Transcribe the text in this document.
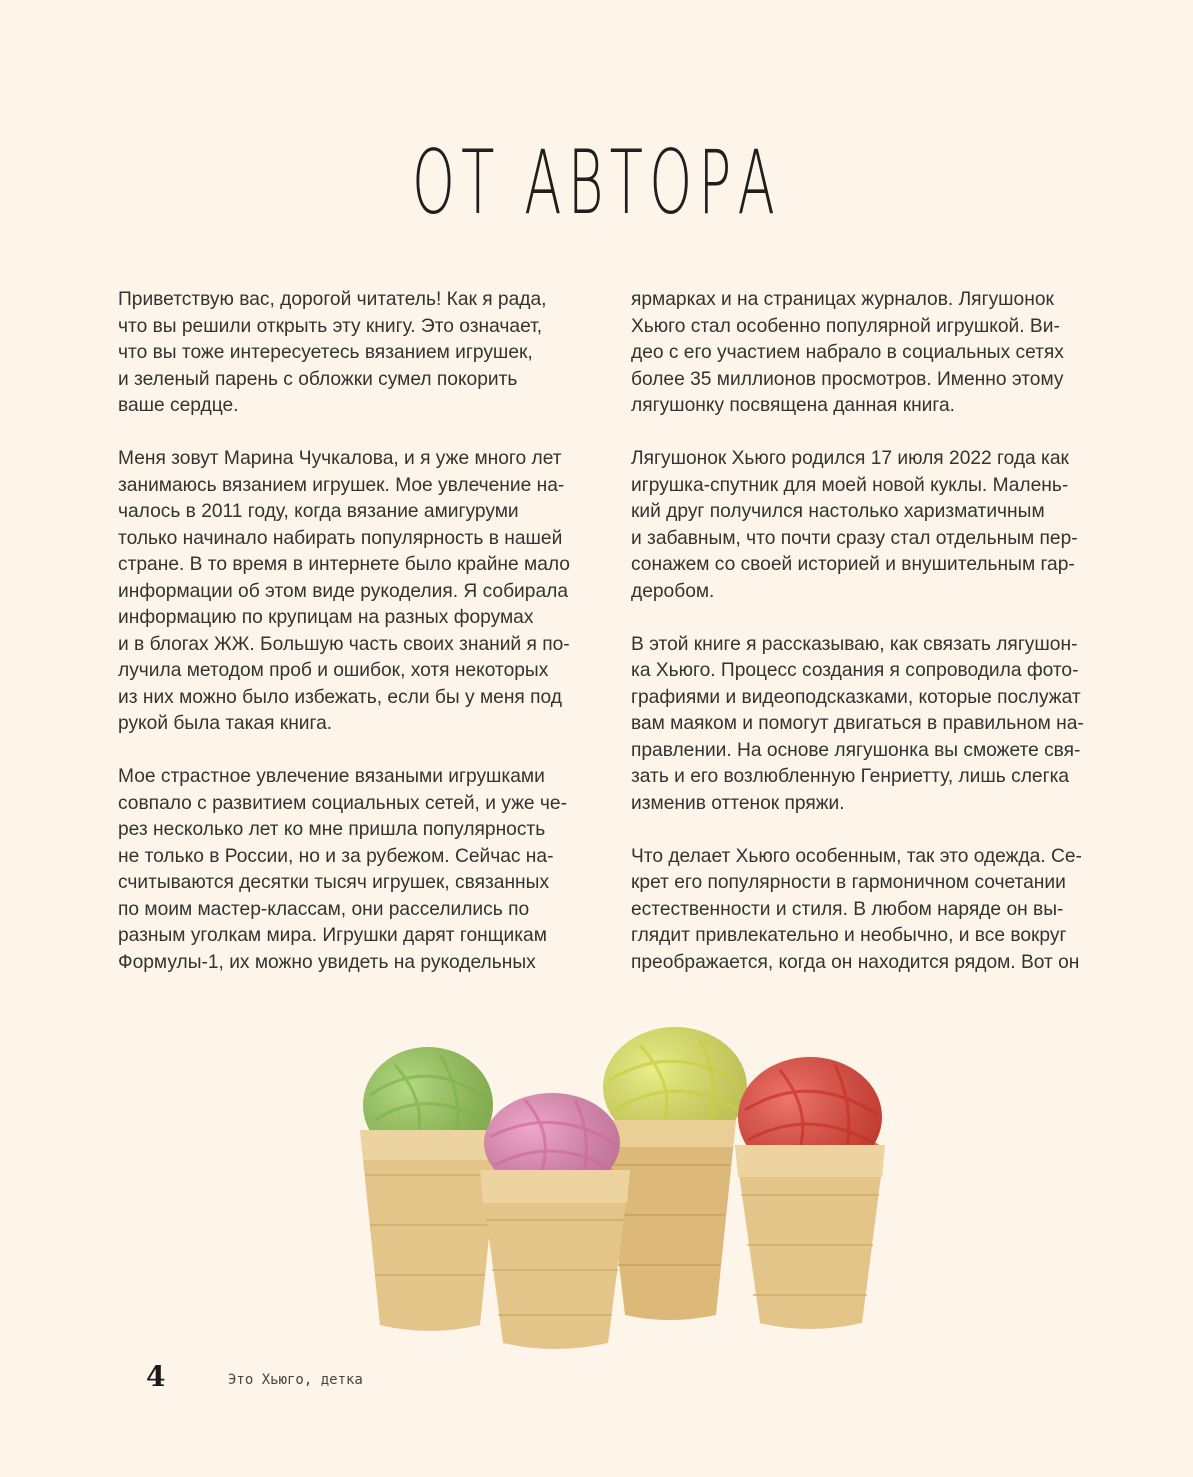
ОТ АВТОРА

Приветствую вас, дорогой читатель! Как я рада,
что вы решили открыть эту книгу. Это означает,
что вы тоже интересуетесь вязанием игрушек,
и зеленый парень с обложки сумел покорить
ваше сердце.

Меня зовут Марина Чучкалова, и я уже много лет
занимаюсь вязанием игрушек. Мое увлечение на-
чалось в 2011 году, когда вязание амигуруми
только начинало набирать популярность в нашей
стране. В то время в интернете было крайне мало
информации об этом виде рукоделия. Я собирала
информацию по крупицам на разных форумах
и в блогах ЖЖ. Большую часть своих знаний я по-
лучила методом проб и ошибок, хотя некоторых
из них можно было избежать, если бы у меня под
рукой была такая книга.

Мое страстное увлечение вязаными игрушками
совпало с развитием социальных сетей, и уже че-
рез несколько лет ко мне пришла популярность
не только в России, но и за рубежом. Сейчас на-
считываются десятки тысяч игрушек, связанных
по моим мастер-классам, они расселились по
разным уголкам мира. Игрушки дарят гонщикам
Формулы-1, их можно увидеть на рукодельных

ярмарках и на страницах журналов. Лягушонок
Хьюго стал особенно популярной игрушкой. Ви-
део с его участием набрало в социальных сетях
более 35 миллионов просмотров. Именно этому
лягушонку посвящена данная книга.

Лягушонок Хьюго родился 17 июля 2022 года как
игрушка-спутник для моей новой куклы. Малень-
кий друг получился настолько харизматичным
и забавным, что почти сразу стал отдельным пер-
сонажем со своей историей и внушительным гар-
деробом.

В этой книге я рассказываю, как связать лягушон-
ка Хьюго. Процесс создания я сопроводила фото-
графиями и видеоподсказками, которые послужат
вам маяком и помогут двигаться в правильном на-
правлении. На основе лягушонка вы сможете свя-
зать и его возлюбленную Генриетту, лишь слегка
изменив оттенок пряжи.

Что делает Хьюго особенным, так это одежда. Се-
крет его популярности в гармоничном сочетании
естественности и стиля. В любом наряде он вы-
глядит привлекательно и необычно, и все вокруг
преображается, когда он находится рядом. Вот он

4	Это Хьюго, детка
